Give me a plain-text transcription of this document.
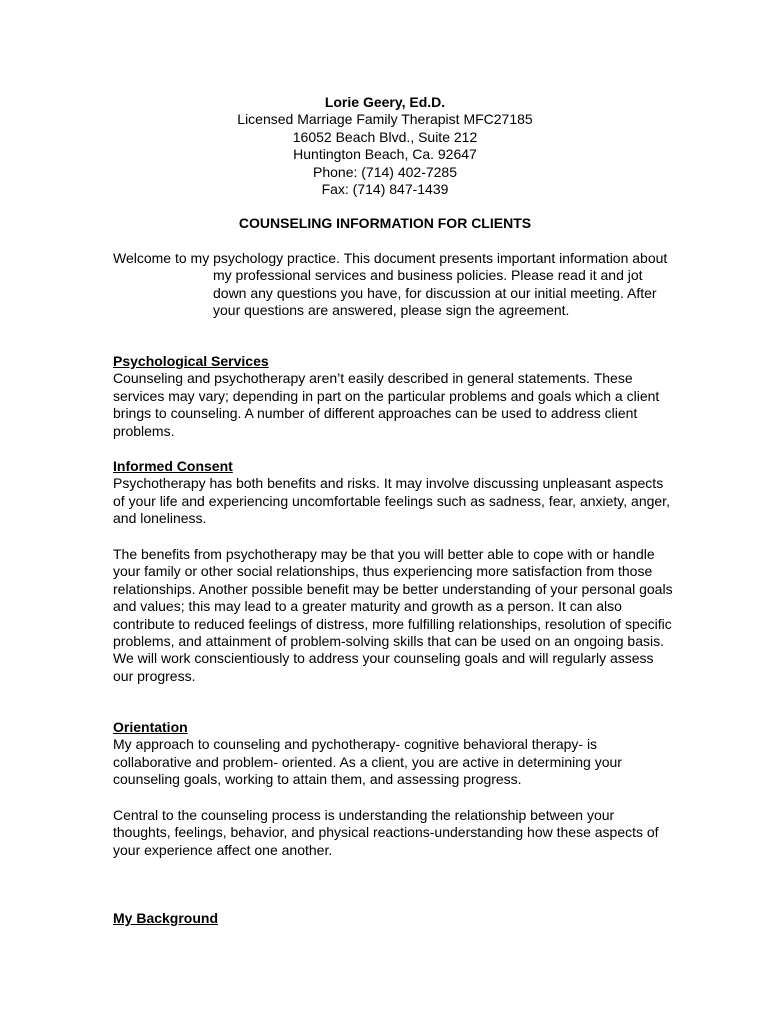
Lorie Geery, Ed.D.
Licensed Marriage Family Therapist MFC27185
16052 Beach Blvd., Suite 212
Huntington Beach, Ca. 92647
Phone: (714) 402-7285
Fax: (714) 847-1439
COUNSELING INFORMATION FOR CLIENTS
Welcome to my psychology practice. This document presents important information about my professional services and business policies. Please read it and jot down any questions you have, for discussion at our initial meeting. After your questions are answered, please sign the agreement.
Psychological Services

Counseling and psychotherapy aren’t easily described in general statements. These services may vary; depending in part on the particular problems and goals which a client brings to counseling. A number of different approaches can be used to address client problems.

Informed Consent

Psychotherapy has both benefits and risks. It may involve discussing unpleasant aspects of your life and experiencing uncomfortable feelings such as sadness, fear, anxiety, anger, and loneliness.

The benefits from psychotherapy may be that you will better able to cope with or handle your family or other social relationships, thus experiencing more satisfaction from those relationships. Another possible benefit may be better understanding of your personal goals and values; this may lead to a greater maturity and growth as a person. It can also contribute to reduced feelings of distress, more fulfilling relationships, resolution of specific problems, and attainment of problem-solving skills that can be used on an ongoing basis. We will work conscientiously to address your counseling goals and will regularly assess our progress.

Orientation

My approach to counseling and pychotherapy- cognitive behavioral therapy- is collaborative and problem- oriented. As a client, you are active in determining your counseling goals, working to attain them, and assessing progress.

Central to the counseling process is understanding the relationship between your thoughts, feelings, behavior, and physical reactions-understanding how these aspects of your experience affect one another.

My Background
